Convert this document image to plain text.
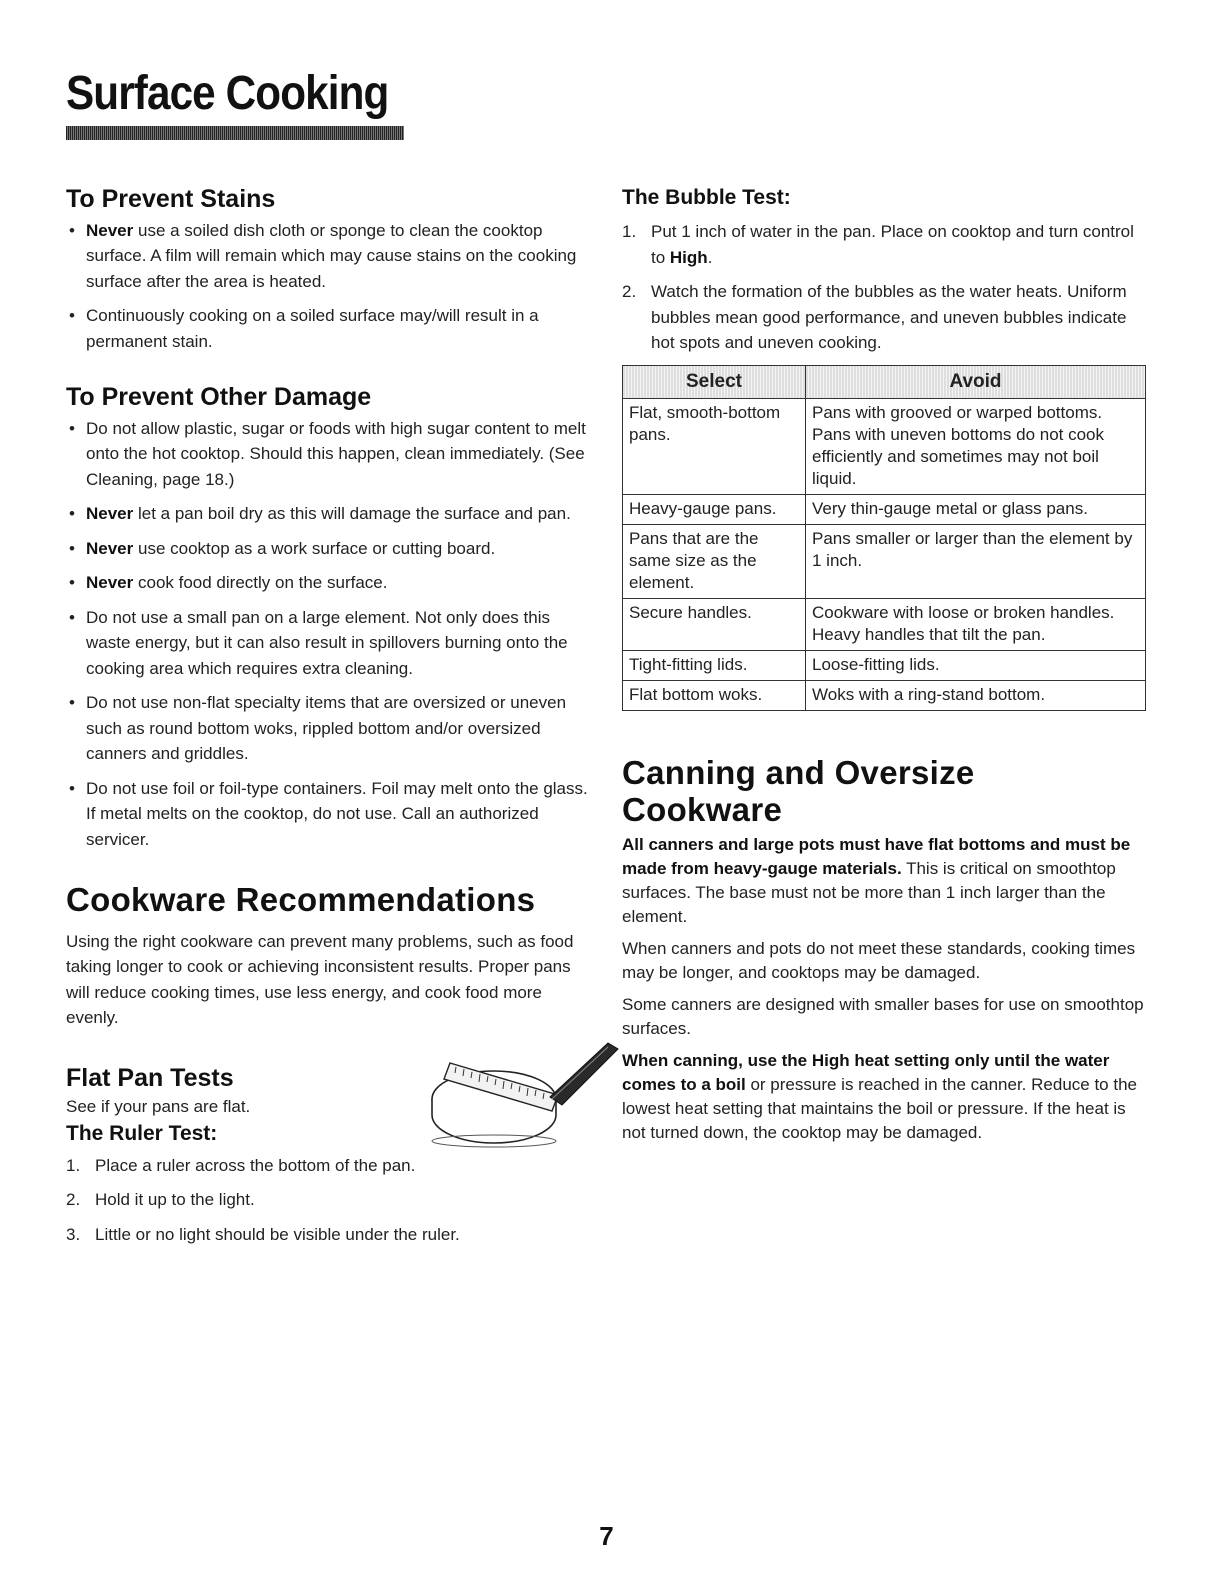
Surface Cooking
To Prevent Stains
• Never use a soiled dish cloth or sponge to clean the cooktop surface. A film will remain which may cause stains on the cooking surface after the area is heated.
• Continuously cooking on a soiled surface may/will result in a permanent stain.
To Prevent Other Damage
• Do not allow plastic, sugar or foods with high sugar content to melt onto the hot cooktop. Should this happen, clean immediately. (See Cleaning, page 18.)
• Never let a pan boil dry as this will damage the surface and pan.
• Never use cooktop as a work surface or cutting board.
• Never cook food directly on the surface.
• Do not use a small pan on a large element. Not only does this waste energy, but it can also result in spillovers burning onto the cooking area which requires extra cleaning.
• Do not use non-flat specialty items that are oversized or uneven such as round bottom woks, rippled bottom and/or oversized canners and griddles.
• Do not use foil or foil-type containers. Foil may melt onto the glass. If metal melts on the cooktop, do not use. Call an authorized servicer.
Cookware Recommendations

Using the right cookware can prevent many problems, such as food taking longer to cook or achieving inconsistent results. Proper pans will reduce cooking times, use less energy, and cook food more evenly.

Flat Pan Tests

See if your pans are flat.

The Ruler Test:
1. Place a ruler across the bottom of the pan.
2. Hold it up to the light.
3. Little or no light should be visible under the ruler.
The Bubble Test:
1. Put 1 inch of water in the pan. Place on cooktop and turn control to High.
2. Watch the formation of the bubbles as the water heats. Uniform bubbles mean good performance, and uneven bubbles indicate hot spots and uneven cooking.
Select	Avoid
Flat, smooth-bottom pans.	Pans with grooved or warped bottoms. Pans with uneven bottoms do not cook efficiently and sometimes may not boil liquid.
Heavy-gauge pans.	Very thin-gauge metal or glass pans.
Pans that are the same size as the element.	Pans smaller or larger than the element by 1 inch.
Secure handles.	Cookware with loose or broken handles. Heavy handles that tilt the pan.
Tight-fitting lids.	Loose-fitting lids.
Flat bottom woks.	Woks with a ring-stand bottom.
Canning and Oversize
Cookware

All canners and large pots must have flat bottoms and must be made from heavy-gauge materials. This is critical on smoothtop surfaces. The base must not be more than 1 inch larger than the element.

When canners and pots do not meet these standards, cooking times may be longer, and cooktops may be damaged.

Some canners are designed with smaller bases for use on smoothtop surfaces.

When canning, use the High heat setting only until the water comes to a boil or pressure is reached in the canner. Reduce to the lowest heat setting that maintains the boil or pressure. If the heat is not turned down, the cooktop may be damaged.

7
